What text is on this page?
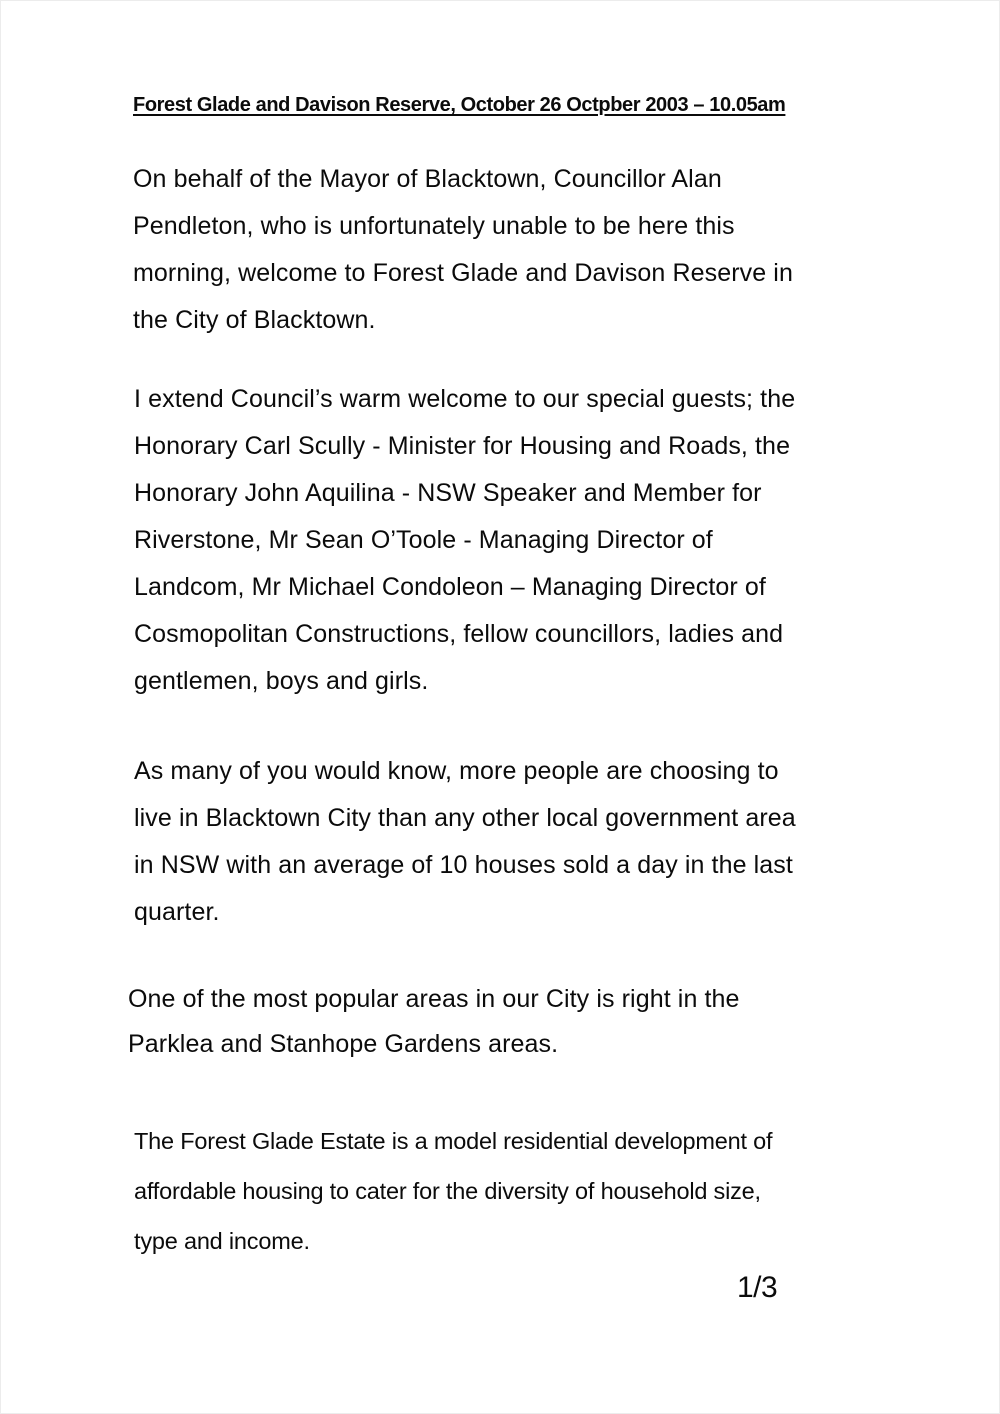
Forest Glade and Davison Reserve, October 26 Octpber 2003 – 10.05am
On behalf of the Mayor of Blacktown, Councillor Alan
Pendleton, who is unfortunately unable to be here this
morning, welcome to Forest Glade and Davison Reserve in
the City of Blacktown.
I extend Council’s warm welcome to our special guests; the
Honorary Carl Scully - Minister for Housing and Roads, the
Honorary John Aquilina - NSW Speaker and Member for
Riverstone, Mr Sean O’Toole - Managing Director of
Landcom, Mr Michael Condoleon – Managing Director of
Cosmopolitan Constructions, fellow councillors, ladies and
gentlemen, boys and girls.
As many of you would know, more people are choosing to
live in Blacktown City than any other local government area
in NSW with an average of 10 houses sold a day in the last
quarter.
One of the most popular areas in our City is right in the
Parklea and Stanhope Gardens areas.
The Forest Glade Estate is a model residential development of
affordable housing to cater for the diversity of household size,
type and income.
1/3
